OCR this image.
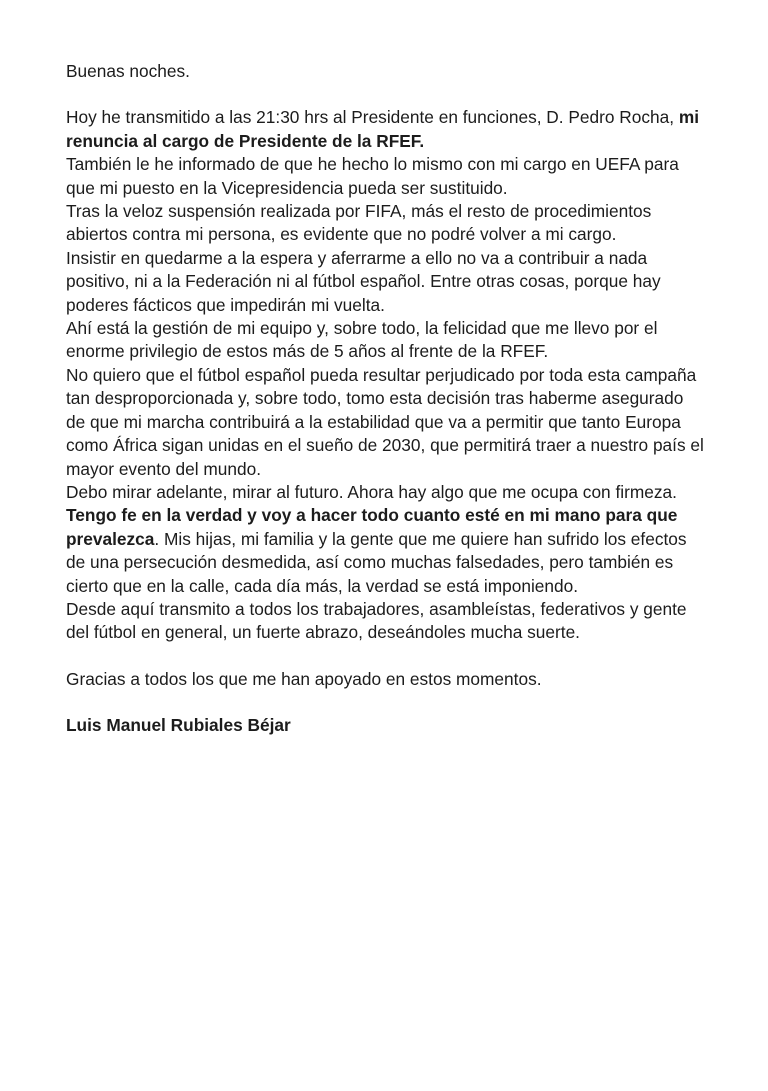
Buenas noches.

Hoy he transmitido a las 21:30 hrs al Presidente en funciones, D. Pedro Rocha, mi renuncia al cargo de Presidente de la RFEF.

También le he informado de que he hecho lo mismo con mi cargo en UEFA para que mi puesto en la Vicepresidencia pueda ser sustituido.

Tras la veloz suspensión realizada por FIFA, más el resto de procedimientos abiertos contra mi persona, es evidente que no podré volver a mi cargo.

Insistir en quedarme a la espera y aferrarme a ello no va a contribuir a nada positivo, ni a la Federación ni al fútbol español. Entre otras cosas, porque hay poderes fácticos que impedirán mi vuelta.

Ahí está la gestión de mi equipo y, sobre todo, la felicidad que me llevo por el enorme privilegio de estos más de 5 años al frente de la RFEF.

No quiero que el fútbol español pueda resultar perjudicado por toda esta campaña tan desproporcionada y, sobre todo, tomo esta decisión tras haberme asegurado de que mi marcha contribuirá a la estabilidad que va a permitir que tanto Europa como África sigan unidas en el sueño de 2030, que permitirá traer a nuestro país el mayor evento del mundo.

Debo mirar adelante, mirar al futuro. Ahora hay algo que me ocupa con firmeza. Tengo fe en la verdad y voy a hacer todo cuanto esté en mi mano para que prevalezca. Mis hijas, mi familia y la gente que me quiere han sufrido los efectos de una persecución desmedida, así como muchas falsedades, pero también es cierto que en la calle, cada día más, la verdad se está imponiendo.

Desde aquí transmito a todos los trabajadores, asambleístas, federativos y gente del fútbol en general, un fuerte abrazo, deseándoles mucha suerte.

Gracias a todos los que me han apoyado en estos momentos.

Luis Manuel Rubiales Béjar
